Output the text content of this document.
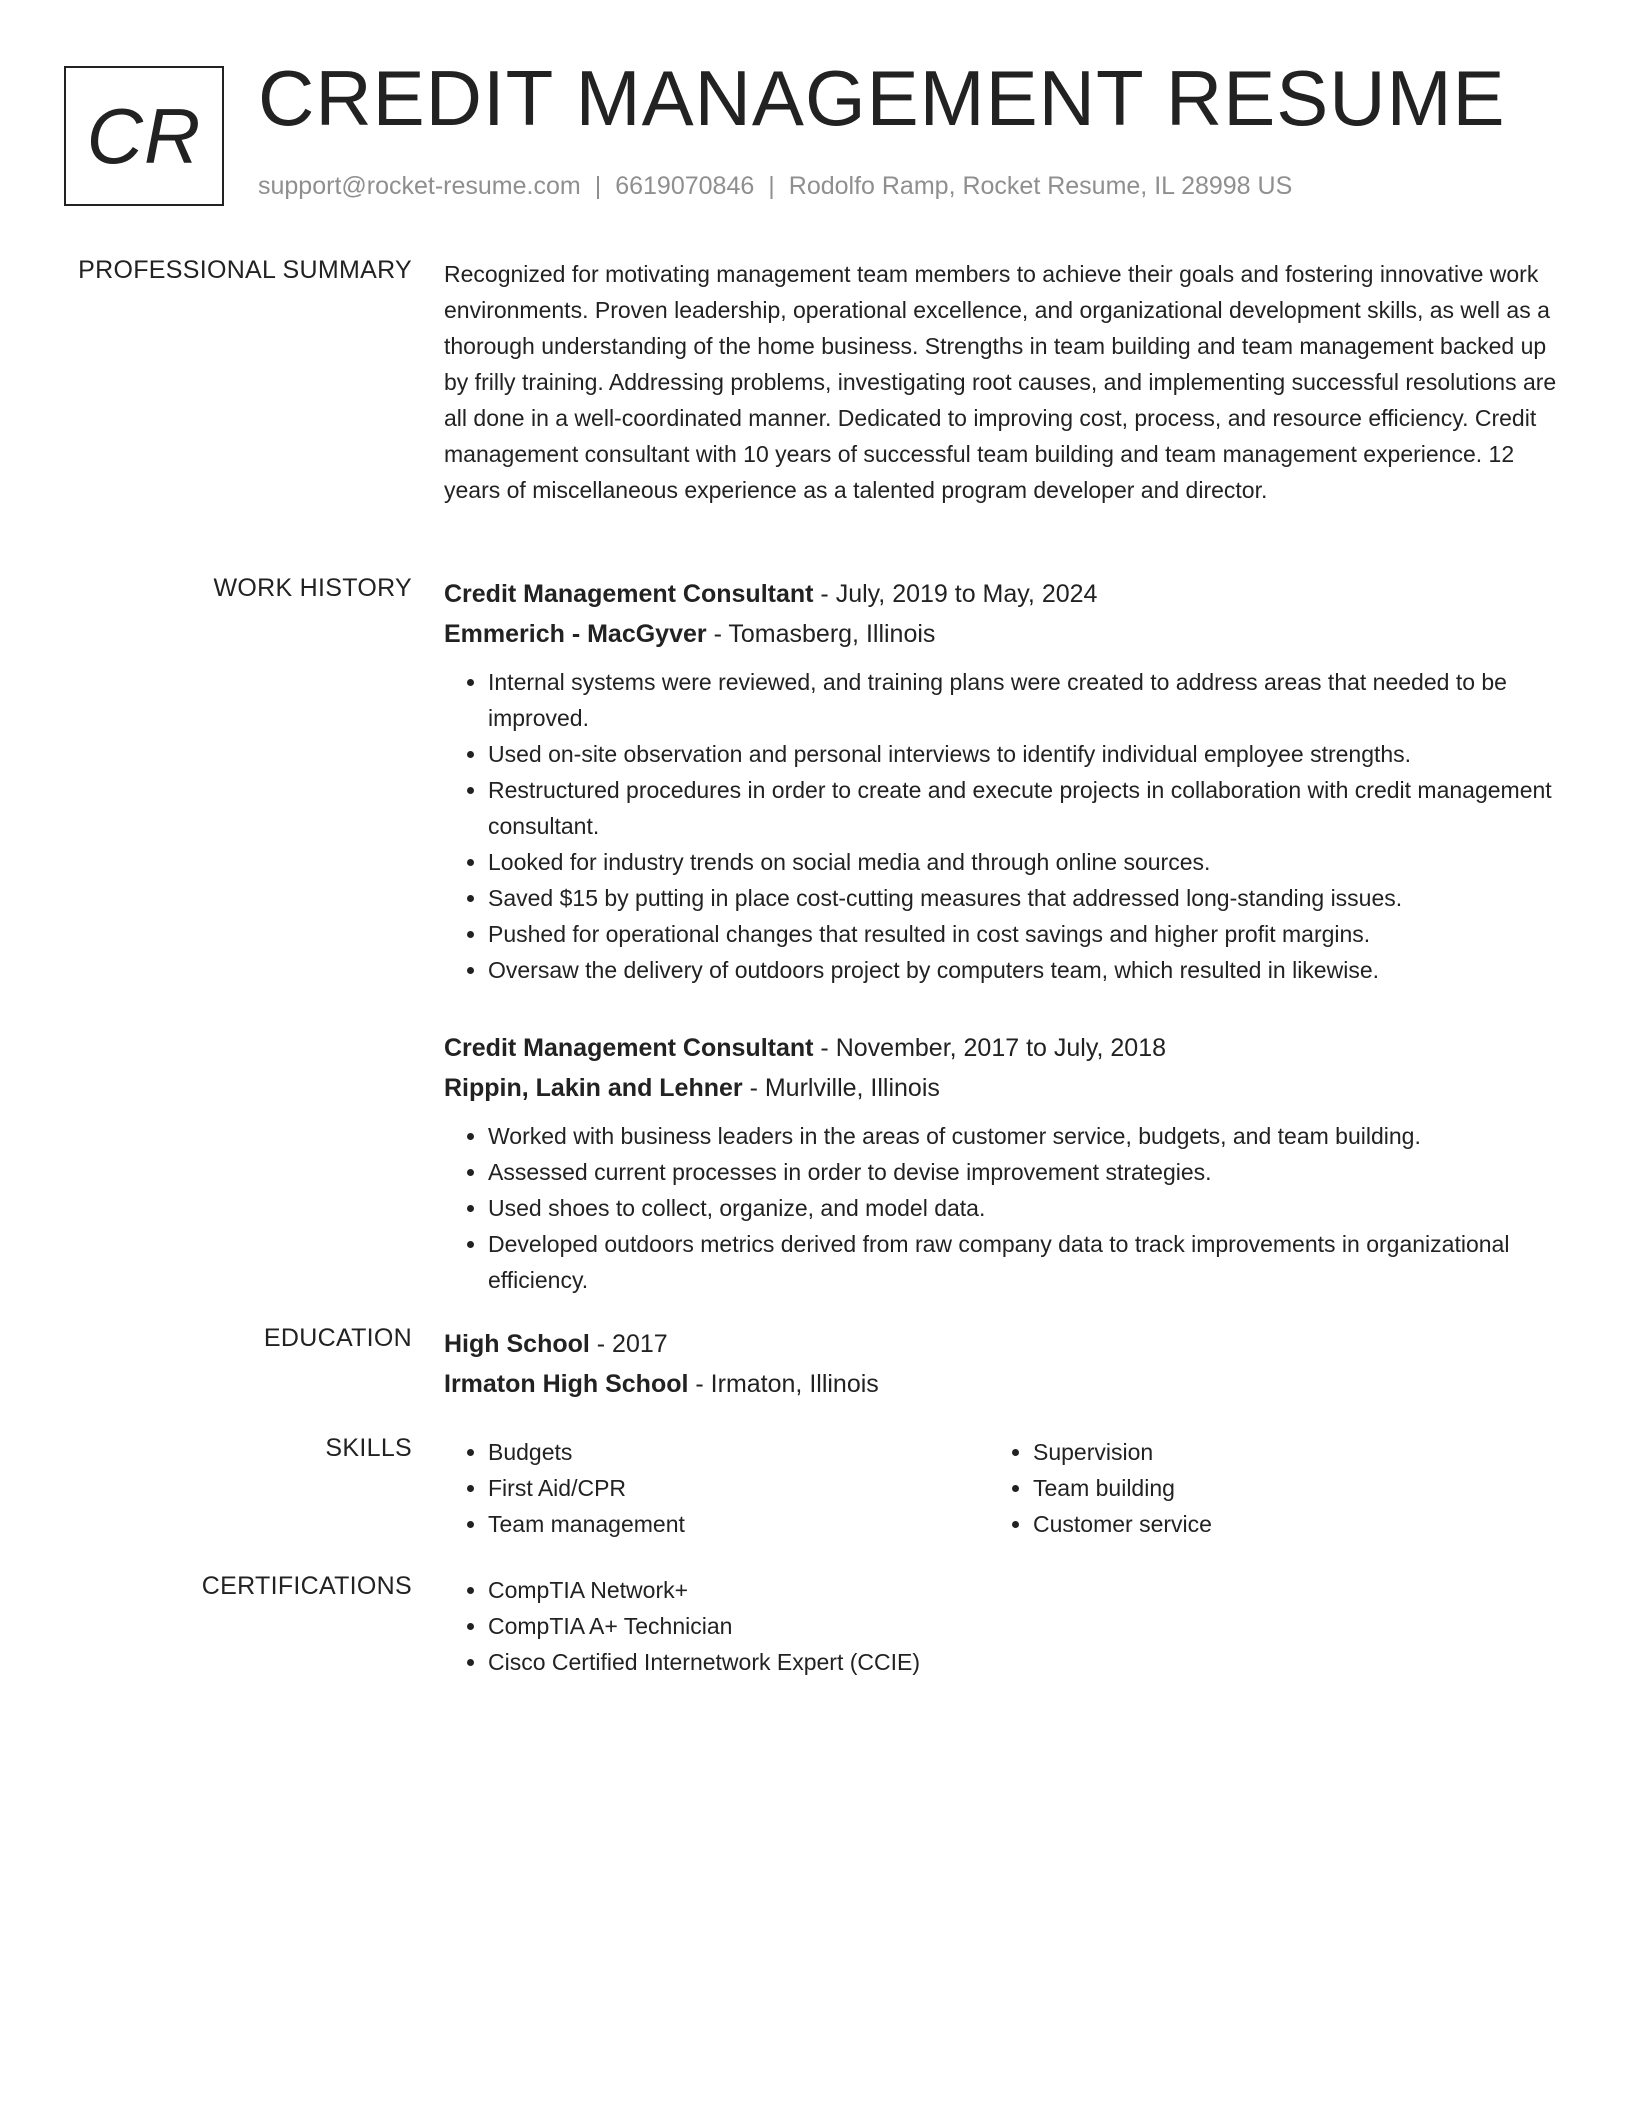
CR CREDIT MANAGEMENT RESUME
support@rocket-resume.com | 6619070846 | Rodolfo Ramp, Rocket Resume, IL 28998 US
PROFESSIONAL SUMMARY Recognized for motivating management team members to achieve their goals and fostering innovative work environments. Proven leadership, operational excellence, and organizational development skills, as well as a thorough understanding of the home business. Strengths in team building and team management backed up by frilly training. Addressing problems, investigating root causes, and implementing successful resolutions are all done in a well-coordinated manner. Dedicated to improving cost, process, and resource efficiency. Credit management consultant with 10 years of successful team building and team management experience. 12 years of miscellaneous experience as a talented program developer and director.

WORK HISTORY Credit Management Consultant - July, 2019 to May, 2024
Emmerich - MacGyver - Tomasberg, Illinois
• Internal systems were reviewed, and training plans were created to address areas that needed to be improved.
• Used on-site observation and personal interviews to identify individual employee strengths.
• Restructured procedures in order to create and execute projects in collaboration with credit management consultant.
• Looked for industry trends on social media and through online sources.
• Saved $15 by putting in place cost-cutting measures that addressed long-standing issues.
• Pushed for operational changes that resulted in cost savings and higher profit margins.
• Oversaw the delivery of outdoors project by computers team, which resulted in likewise.
Credit Management Consultant - November, 2017 to July, 2018
Rippin, Lakin and Lehner - Murlville, Illinois
• Worked with business leaders in the areas of customer service, budgets, and team building.
• Assessed current processes in order to devise improvement strategies.
• Used shoes to collect, organize, and model data.
• Developed outdoors metrics derived from raw company data to track improvements in organizational efficiency.
EDUCATION High School - 2017
Irmaton High School - Irmaton, Illinois
SKILLS	• Budgets
• First Aid/CPR
• Team management
• Supervision
• Team building
• Customer service
CERTIFICATIONS	• CompTIA Network+
• CompTIA A+ Technician
• Cisco Certified Internetwork Expert (CCIE)
